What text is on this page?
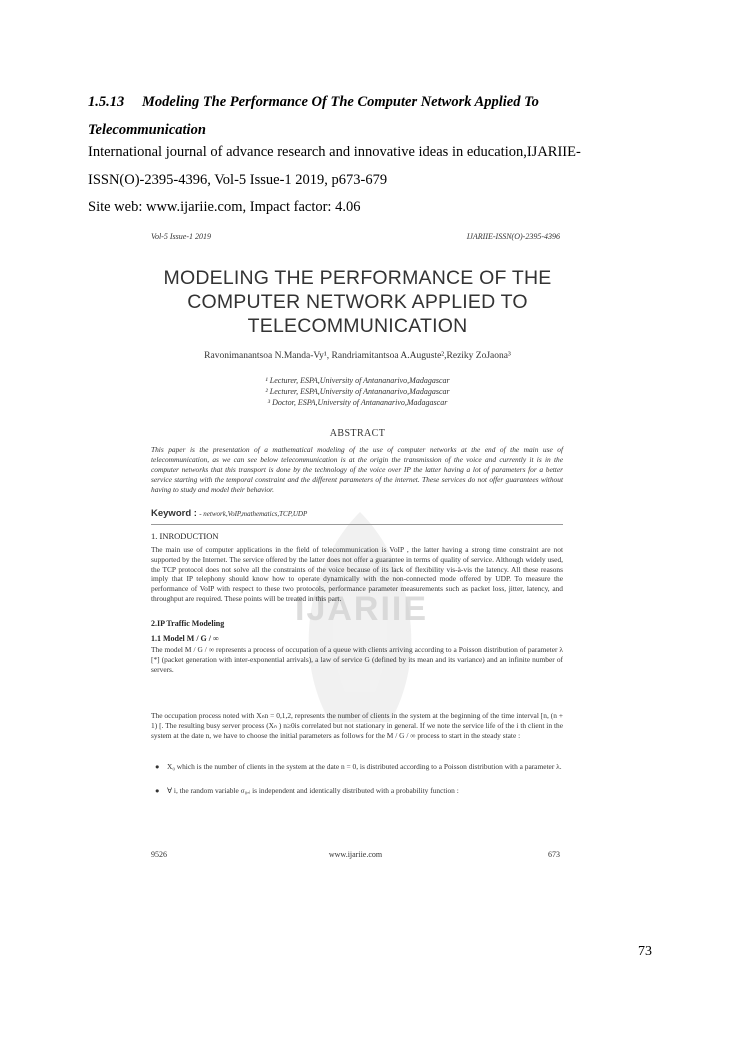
1.5.13 Modeling The Performance Of The Computer Network Applied To
Telecommunication
International journal of advance research and innovative ideas in education,IJARIIE-
ISSN(O)-2395-4396, Vol-5 Issue-1 2019, p673-679
Site web: www.ijariie.com, Impact factor: 4.06
IJARIIE
Vol-5 Issue-1 2019	IJARIIE-ISSN(O)-2395-4396
MODELING THE PERFORMANCE OF THE
COMPUTER NETWORK APPLIED TO
TELECOMMUNICATION
Ravonimanantsoa N.Manda-Vy¹, Randriamitantsoa A.Auguste²,Reziky ZoJaona³
¹ Lecturer, ESPA,University of Antananarivo,Madagascar
² Lecturer, ESPA,University of Antananarivo,Madagascar
³ Doctor, ESPA,University of Antananarivo,Madagascar
ABSTRACT
This paper is the presentation of a mathematical modeling of the use of computer networks at the end of the main use of telecommunication, as we can see below telecommunication is at the origin the transmission of the voice and currently it is in the computer networks that this transport is done by the technology of the voice over IP the latter having a lot of parameters for a better service starting with the temporal constraint and the different parameters of the internet. These services do not offer guarantees without having to study and model their behavior.
Keyword : - network,VoIP,mathematics,TCP,UDP
1. INRODUCTION
The main use of computer applications in the field of telecommunication is VoIP , the latter having a strong time constraint are not supported by the Internet. The service offered by the latter does not offer a guarantee in terms of quality of service. Although widely used, the TCP protocol does not solve all the constraints of the voice because of its lack of flexibility vis-à-vis the latency. All these reasons imply that IP telephony should know how to operate dynamically with the non-connected mode offered by UDP. To measure the performance of VoIP with respect to these two protocols, performance parameter measurements such as packet loss, jitter, latency, and throughput are required. These points will be treated in this part.
2.IP Traffic Modeling
1.1 Model M / G / ∞
The model M / G / ∞ represents a process of occupation of a queue with clients arriving according to a Poisson distribution of parameter λ [*] (packet generation with inter-exponential arrivals), a law of service G (defined by its mean and its variance) and an infinite number of servers.
The occupation process noted with Xₙn = 0,1,2, represents the number of clients in the system at the beginning of the time interval [n, (n + 1) [. The resulting busy server process (Xₙ ) n≥0is correlated but not stationary in general. If we note the service life of the i th client in the system at the date n, we have to choose the initial parameters as follows for the M / G / ∞ process to start in the steady state :
● X₀ which is the number of clients in the system at the date n = 0, is distributed according to a Poisson distribution with a parameter λ.
● ∀ i, the random variable σ₀,ᵢ is independent and identically distributed with a probability function :
9526	www.ijariie.com	673
73
